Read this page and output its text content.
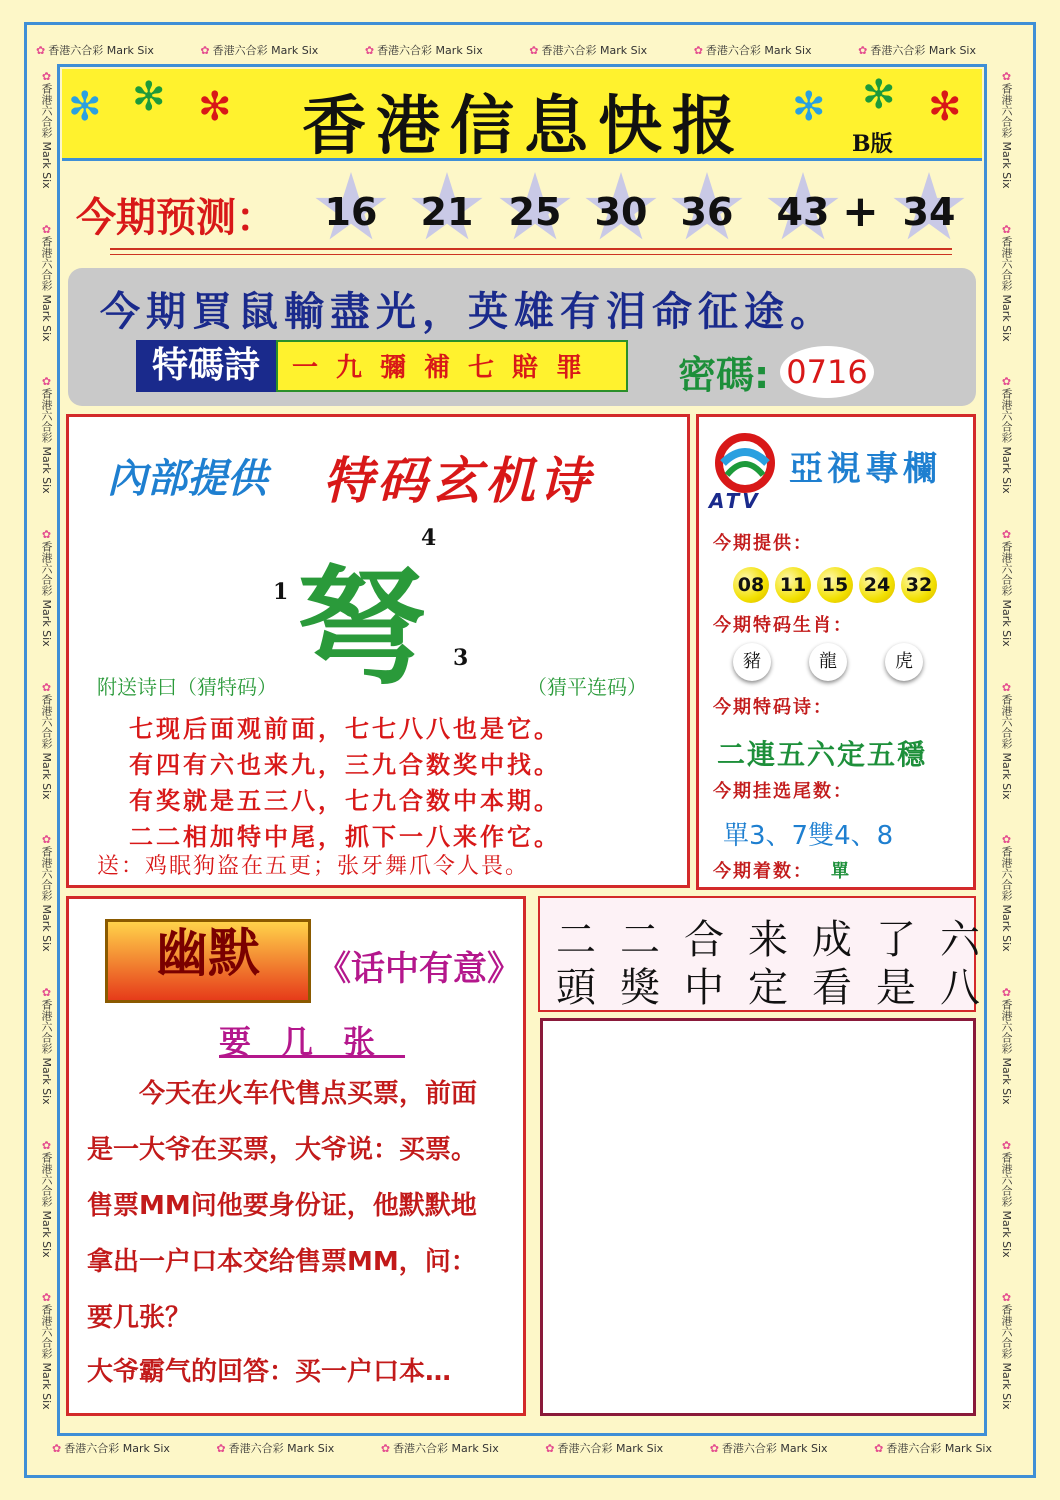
✿ 香港六合彩 Mark Six	✿ 香港六合彩 Mark Six	✿ 香港六合彩 Mark Six	✿ 香港六合彩 Mark Six	✿ 香港六合彩 Mark Six	✿ 香港六合彩 Mark Six
✿ 香港六合彩 Mark Six	✿ 香港六合彩 Mark Six	✿ 香港六合彩 Mark Six	✿ 香港六合彩 Mark Six	✿ 香港六合彩 Mark Six	✿ 香港六合彩 Mark Six
✿ 香港六合彩 Mark Six
✿ 香港六合彩 Mark Six
✿ 香港六合彩 Mark Six
✿ 香港六合彩 Mark Six
✿ 香港六合彩 Mark Six
✿ 香港六合彩 Mark Six
✿ 香港六合彩 Mark Six
✿ 香港六合彩 Mark Six
✿ 香港六合彩 Mark Six
✿ 香港六合彩 Mark Six
✿ 香港六合彩 Mark Six
✿ 香港六合彩 Mark Six
✿ 香港六合彩 Mark Six
✿ 香港六合彩 Mark Six
✿ 香港六合彩 Mark Six
✿ 香港六合彩 Mark Six
✿ 香港六合彩 Mark Six
✿ 香港六合彩 Mark Six
✻ ✻ ✻ 香港信息快报	B版
✻ ✻ ✻
今期预测： 16 21 25 30 36 43 + 34
今期買鼠輸盡光，英雄有泪命征途。
特碼詩	一九彌補七賠罪	密碼: 0716
內部提供 特码玄机诗
弩
4
1
3
附送诗曰（猜特码）	（猜平连码）
七现后面观前面，七七八八也是它。
有四有六也来九，三九合数奖中找。
有奖就是五三八，七九合数中本期。
二二相加特中尾，抓下一八来作它。
送：鸡眠狗盗在五更；张牙舞爪令人畏。
ATV
亞視專欄
今期提供：
08 11 15 24 32
今期特码生肖：
豬	龍	虎
今期特码诗：
二連五六定五穩
今期挂选尾数：
單3、7雙4、8
今期着数： 單
幽默	《话中有意》
要几张
　　今天在火车代售点买票，前面
是一大爷在买票，大爷说：买票。
售票MM问他要身份证，他默默地
拿出一户口本交给售票MM，问：
要几张？
大爷霸气的回答：买一户口本…
二二合来成了六
頭獎中定看是八
